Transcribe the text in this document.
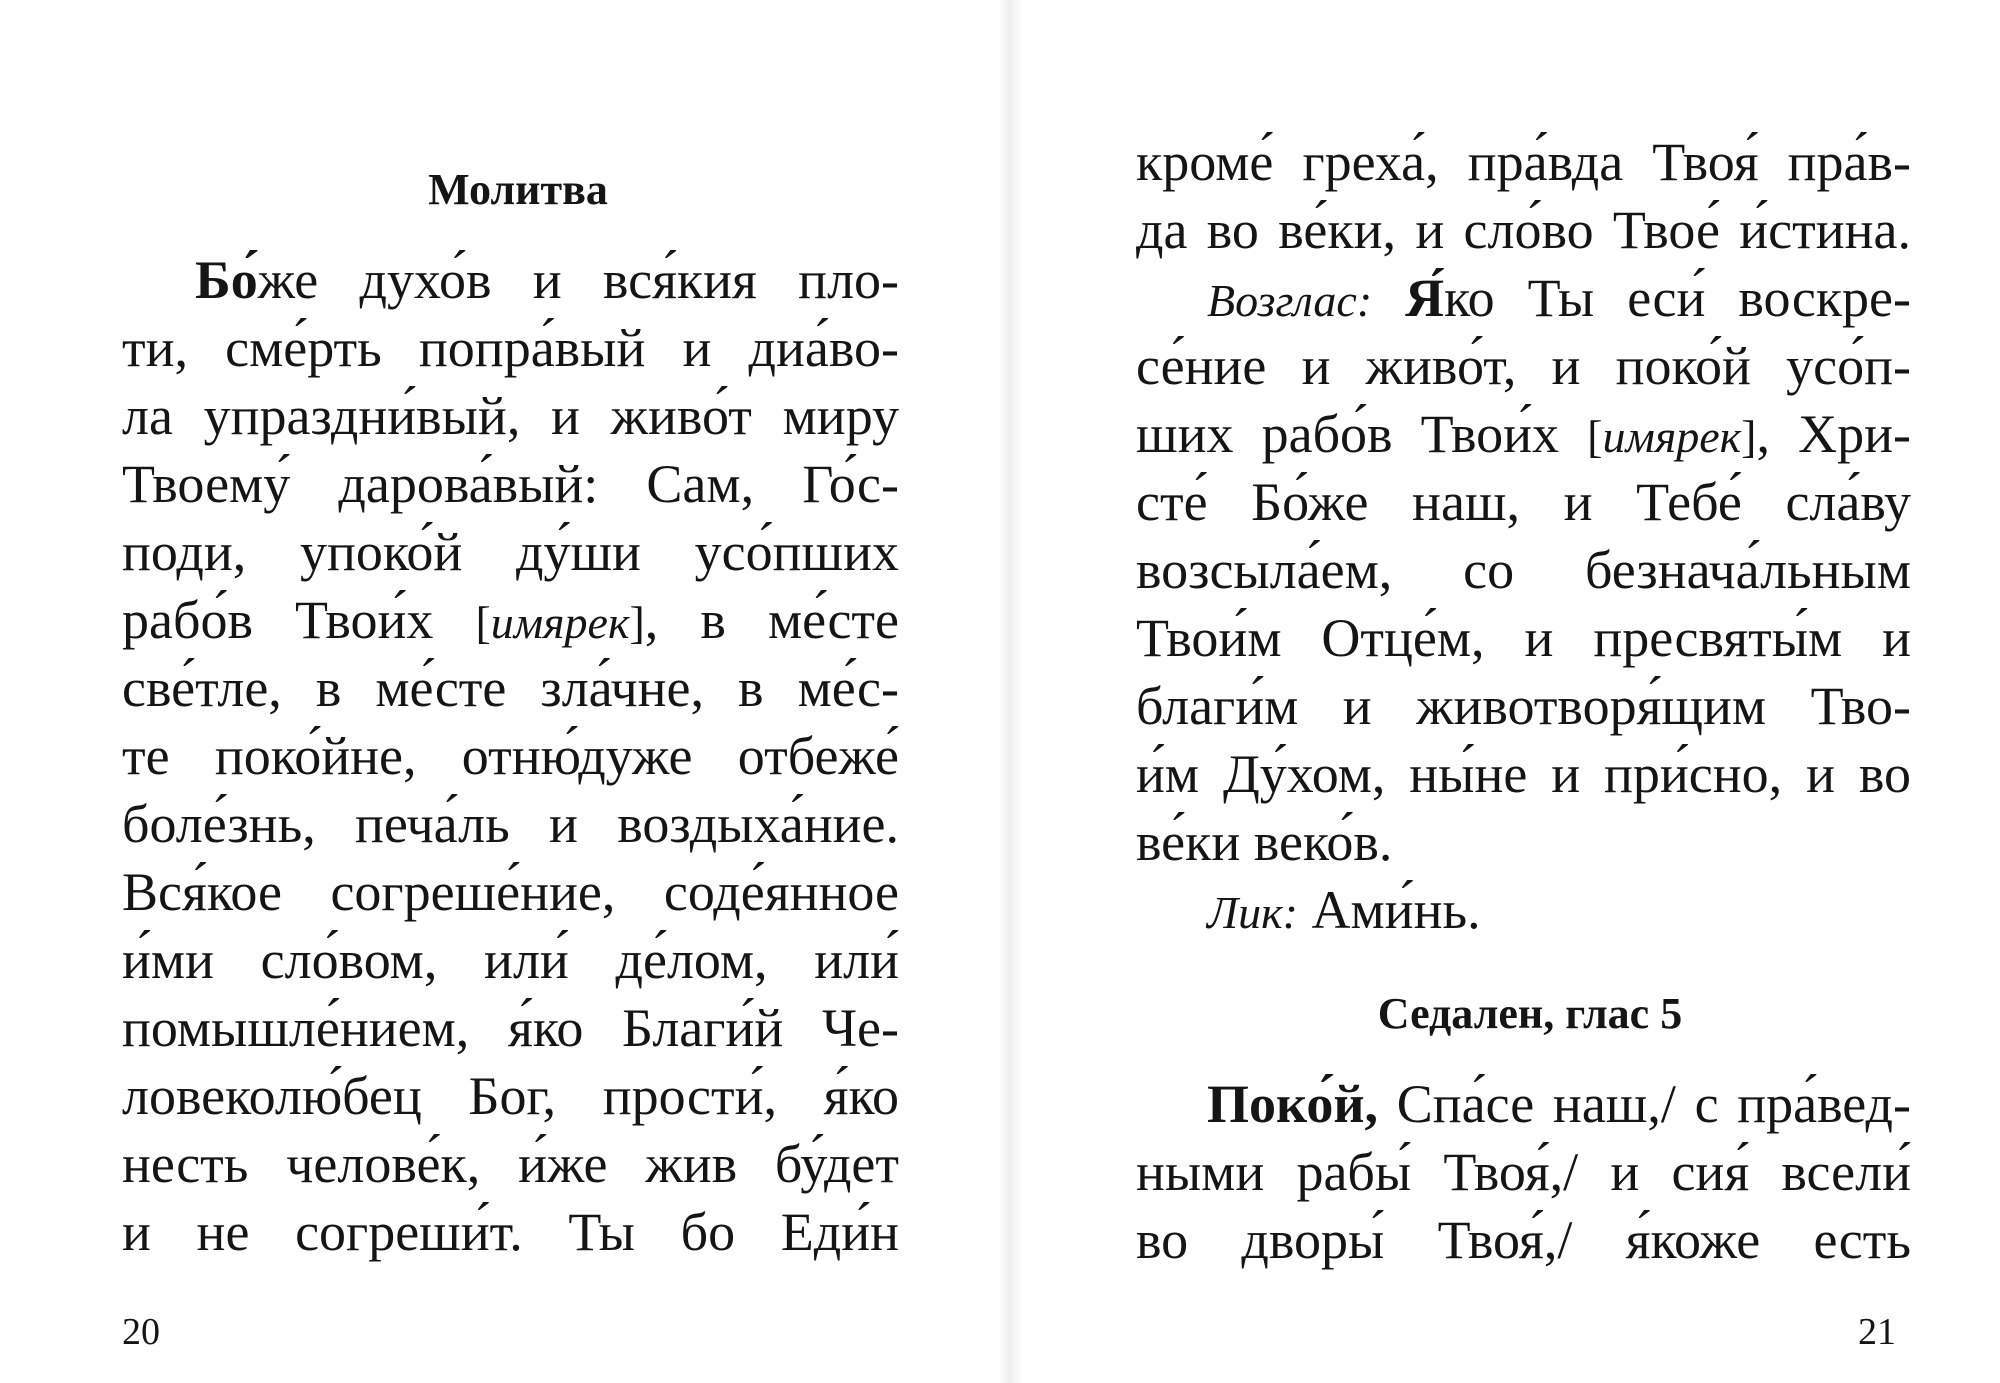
Молитва
Бо́же духо́в и вся́кия пло-
ти, сме́рть попра́вый и диа́во-
ла упраздни́вый, и живо́т миру
Твоему́ дарова́вый: Сам, Го́с-
поди, упоко́й ду́ши усо́пших
рабо́в Твои́х [имярек], в ме́сте
све́тле, в ме́сте зла́чне, в ме́с-
те поко́йне, отню́дуже отбеже́
боле́знь, печа́ль и воздыха́ние.
Вся́кое согреше́ние, соде́янное
и́ми сло́вом, или́ де́лом, или́
помышле́нием, я́ко Благи́й Че-
ловеколю́бец Бог, прости́, я́ко
несть челове́к, и́же жив бу́дет
и не согреши́т. Ты бо Еди́н
20
кроме́ греха́, пра́вда Твоя́ пра́в-
да во ве́ки, и сло́во Твое́ и́стина.
Возглас: Я́ко Ты еси́ воскре-
се́ние и живо́т, и поко́й усо́п-
ших рабо́в Твои́х [имярек], Хри-
сте́ Бо́же наш, и Тебе́ сла́ву
возсыла́ем, со безнача́льным
Твои́м Отце́м, и пресвяты́м и
благи́м и животворя́щим Тво-
и́м Ду́хом, ны́не и при́сно, и во
ве́ки веко́в.
Лик: Ами́нь.
Седален, глас 5
Поко́й, Спа́се наш,/ с пра́вед-
ными рабы́ Твоя́,/ и сия́ всели́
во дворы́ Твоя́,/ я́коже есть
21
